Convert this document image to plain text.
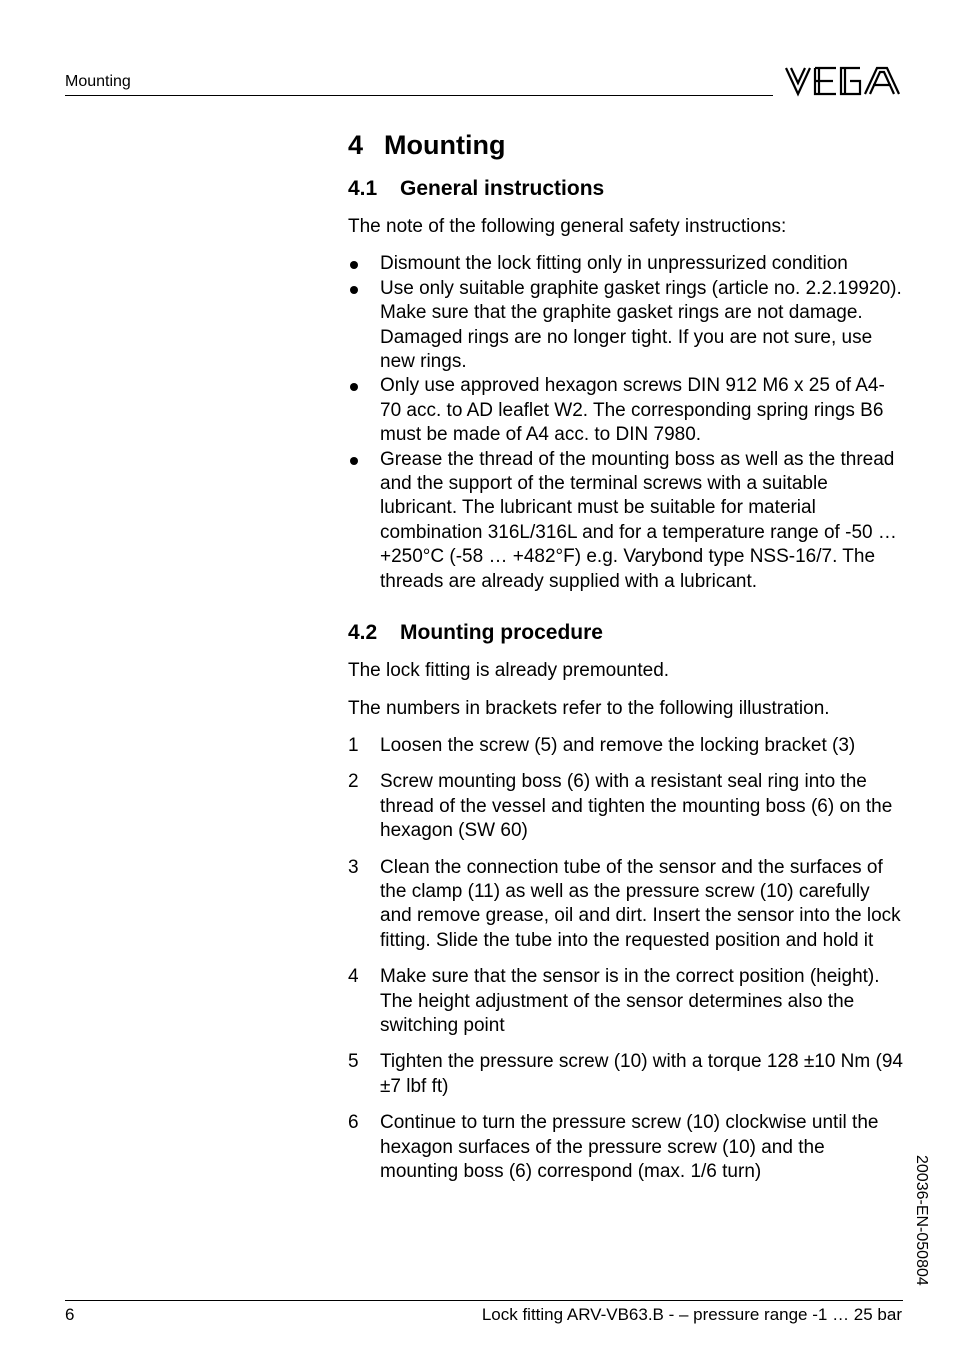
Mounting
4 Mounting
4.1 General instructions

The note of the following general safety instructions:

Dismount the lock fitting only in unpressurized condition
Use only suitable graphite gasket rings (article no. 2.2.19920). Make sure that the graphite gasket rings are not damage. Damaged rings are no longer tight. If you are not sure, use new rings.
Only use approved hexagon screws DIN 912 M6 x 25 of A4-70 acc. to AD leaflet W2. The corresponding spring rings B6 must be made of A4 acc. to DIN 7980.
Grease the thread of the mounting boss as well as the thread and the support of the terminal screws with a suitable lubricant. The lubricant must be suitable for material combination 316L/316L and for a temperature range of -50 … +250°C (-58 … +482°F) e.g. Varybond type NSS-16/7. The threads are already supplied with a lubricant.
4.2 Mounting procedure

The lock fitting is already premounted.

The numbers in brackets refer to the following illustration.

1 Loosen the screw (5) and remove the locking bracket (3)
2 Screw mounting boss (6) with a resistant seal ring into the thread of the vessel and tighten the mounting boss (6) on the hexagon (SW 60)
3 Clean the connection tube of the sensor and the surfaces of the clamp (11) as well as the pressure screw (10) carefully and remove grease, oil and dirt. Insert the sensor into the lock fitting. Slide the tube into the requested position and hold it
4 Make sure that the sensor is in the correct position (height). The height adjustment of the sensor determines also the switching point
5 Tighten the pressure screw (10) with a torque 128 ±10 Nm (94 ±7 lbf ft)
6 Continue to turn the pressure screw (10) clockwise until the hexagon surfaces of the pressure screw (10) and the mounting boss (6) correspond (max. 1/6 turn)	20036-EN-050804
6	Lock fitting ARV-VB63.B - – pressure range -1 … 25 bar
